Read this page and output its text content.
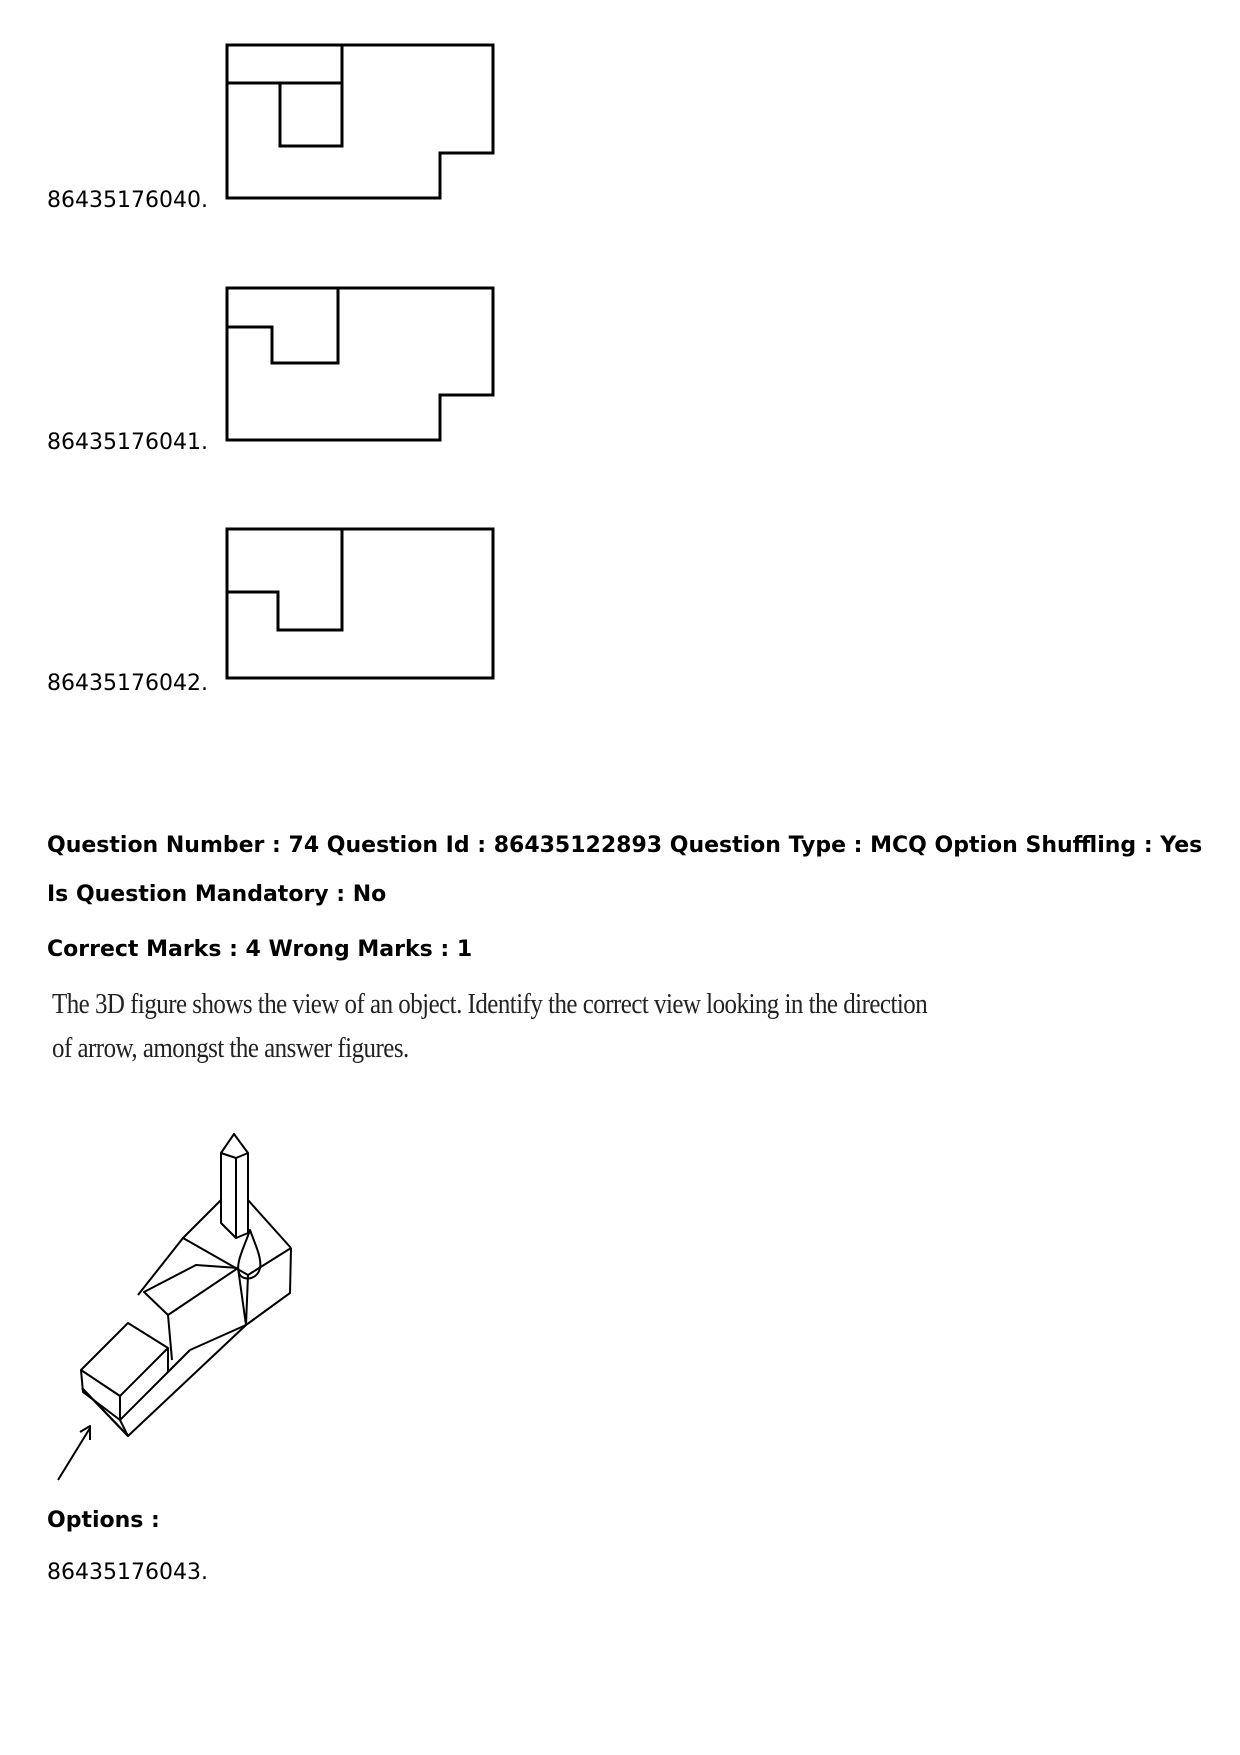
86435176040.
86435176041.
86435176042.
Question Number : 74 Question Id : 86435122893 Question Type : MCQ Option Shuffling : Yes
Is Question Mandatory : No
Correct Marks : 4 Wrong Marks : 1
The 3D figure shows the view of an object. Identify the correct view looking in the direction
of arrow, amongst the answer figures.
Options :
86435176043.
